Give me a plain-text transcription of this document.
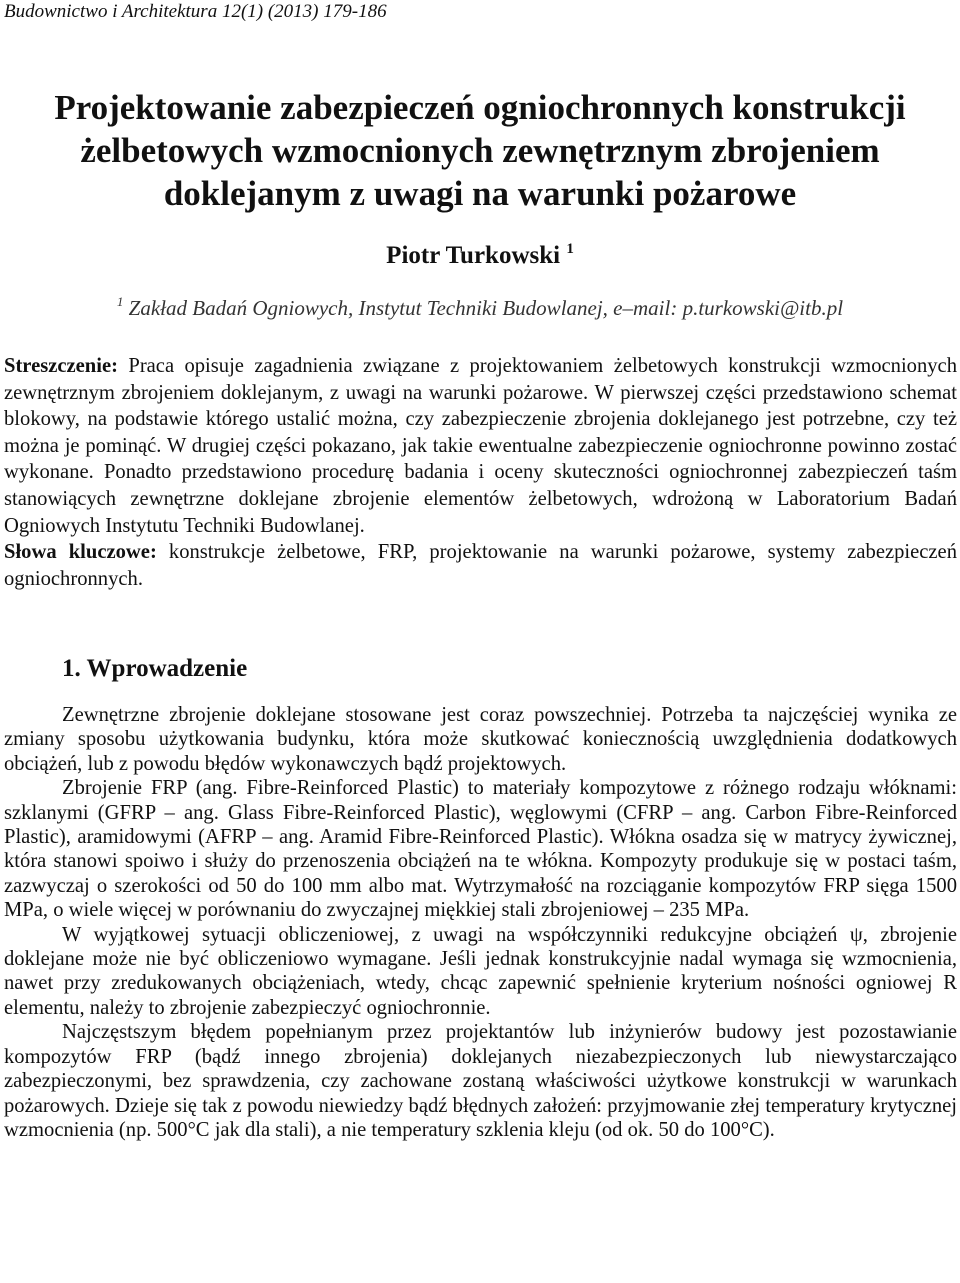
Budownictwo i Architektura 12(1) (2013) 179-186
Projektowanie zabezpieczeń ogniochronnych konstrukcji
żelbetowych wzmocnionych zewnętrznym zbrojeniem
doklejanym z uwagi na warunki pożarowe
Piotr Turkowski $^1$
$^1$ Zakład Badań Ogniowych, Instytut Techniki Budowlanej, e–mail: p.turkowski@itb.pl

Streszczenie: Praca opisuje zagadnienia związane z projektowaniem żelbetowych konstrukcji wzmocnionych zewnętrznym zbrojeniem doklejanym, z uwagi na warunki pożarowe. W pierwszej części przedstawiono schemat blokowy, na podstawie którego ustalić można, czy zabezpieczenie zbrojenia doklejanego jest potrzebne, czy też można je pominąć. W drugiej części pokazano, jak takie ewentualne zabezpieczenie ogniochronne powinno zostać wykonane. Ponadto przedstawiono procedurę badania i oceny skuteczności ogniochronnej zabezpieczeń taśm stanowiących zewnętrzne doklejane zbrojenie elementów żelbetowych, wdrożoną w Laboratorium Badań Ogniowych Instytutu Techniki Budowlanej.

Słowa kluczowe: konstrukcje żelbetowe, FRP, projektowanie na warunki pożarowe, systemy zabezpieczeń ogniochronnych.

1. Wprowadzenie

Zewnętrzne zbrojenie doklejane stosowane jest coraz powszechniej. Potrzeba ta najczęściej wynika ze zmiany sposobu użytkowania budynku, która może skutkować koniecznością uwzględnienia dodatkowych obciążeń, lub z powodu błędów wykonawczych bądź projektowych.

Zbrojenie FRP (ang. Fibre-Reinforced Plastic) to materiały kompozytowe z różnego rodzaju włóknami: szklanymi (GFRP – ang. Glass Fibre-Reinforced Plastic), węglowymi (CFRP – ang. Carbon Fibre-Reinforced Plastic), aramidowymi (AFRP – ang. Aramid Fibre-Reinforced Plastic). Włókna osadza się w matrycy żywicznej, która stanowi spoiwo i służy do przenoszenia obciążeń na te włókna. Kompozyty produkuje się w postaci taśm, zazwyczaj o szerokości od 50 do 100 mm albo mat. Wytrzymałość na rozciąganie kompozytów FRP sięga 1500 MPa, o wiele więcej w porównaniu do zwyczajnej miękkiej stali zbrojeniowej – 235 MPa.

W wyjątkowej sytuacji obliczeniowej, z uwagi na współczynniki redukcyjne obciążeń ψ, zbrojenie doklejane może nie być obliczeniowo wymagane. Jeśli jednak konstrukcyjnie nadal wymaga się wzmocnienia, nawet przy zredukowanych obciążeniach, wtedy, chcąc zapewnić spełnienie kryterium nośności ogniowej R elementu, należy to zbrojenie zabezpieczyć ogniochronnie.

Najczęstszym błędem popełnianym przez projektantów lub inżynierów budowy jest pozostawianie kompozytów FRP (bądź innego zbrojenia) doklejanych niezabezpieczonych lub niewystarczająco zabezpieczonymi, bez sprawdzenia, czy zachowane zostaną właściwości użytkowe konstrukcji w warunkach pożarowych. Dzieje się tak z powodu niewiedzy bądź błędnych założeń: przyjmowanie złej temperatury krytycznej wzmocnienia (np. 500°C jak dla stali), a nie temperatury szklenia kleju (od ok. 50 do 100°C).
